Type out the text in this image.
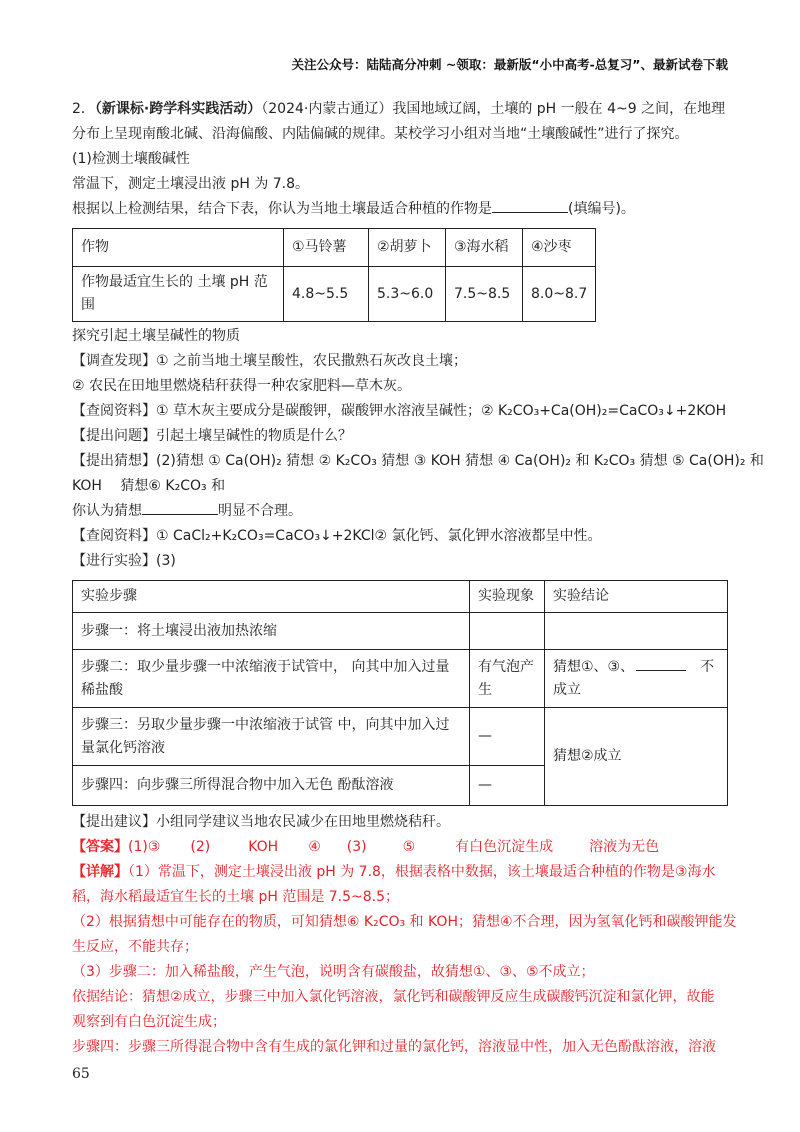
关注公众号：陆陆高分冲刺 ~领取：最新版“小中高考-总复习”、最新试卷下载
2．（新课标·跨学科实践活动）（2024·内蒙古通辽）我国地域辽阔，土壤的 pH 一般在 4~9 之间，在地理
分布上呈现南酸北碱、沿海偏酸、内陆偏碱的规律。某校学习小组对当地“土壤酸碱性”进行了探究。
(1)检测土壤酸碱性
常温下，测定土壤浸出液 pH 为 7.8。
根据以上检测结果，结合下表，你认为当地土壤最适合种植的作物是	(填编号)。
作物	①马铃薯	②胡萝卜	③海水稻	④沙枣
作物最适宜生长的 土壤 pH 范围	4.8~5.5	5.3~6.0	7.5~8.5	8.0~8.7
探究引起土壤呈碱性的物质
【调查发现】① 之前当地土壤呈酸性，农民撒熟石灰改良土壤；
② 农民在田地里燃烧秸秆获得一种农家肥料—草木灰。
【查阅资料】① 草木灰主要成分是碳酸钾，碳酸钾水溶液呈碱性；② K₂CO₃+Ca(OH)₂=CaCO₃↓+2KOH
【提出问题】引起土壤呈碱性的物质是什么？
【提出猜想】(2)猜想 ① Ca(OH)₂ 猜想 ② K₂CO₃ 猜想 ③ KOH 猜想 ④ Ca(OH)₂ 和 K₂CO₃ 猜想 ⑤ Ca(OH)₂ 和
KOH　 猜想⑥ K₂CO₃ 和
你认为猜想	明显不合理。
【查阅资料】① CaCl₂+K₂CO₃=CaCO₃↓+2KCl② 氯化钙、氯化钾水溶液都呈中性。
【进行实验】(3)
实验步骤	实验现象	实验结论
步骤一：将土壤浸出液加热浓缩		
步骤二：取少量步骤一中浓缩液于试管中， 向其中加入过量稀盐酸	有气泡产生	猜想①、③、 不成立
步骤三：另取少量步骤一中浓缩液于试管 中，向其中加入过量氯化钙溶液	—	猜想②成立
步骤四：向步骤三所得混合物中加入无色 酚酞溶液	—	
【提出建议】小组同学建议当地农民减少在田地里燃烧秸秆。
【答案】(1)③ (2)	KOH ④ (3)	⑤	有白色沉淀生成	溶液为无色
【详解】（1）常温下，测定土壤浸出液 pH 为 7.8，根据表格中数据，该土壤最适合种植的作物是③海水
稻，海水稻最适宜生长的土壤 pH 范围是 7.5~8.5；
（2）根据猜想中可能存在的物质，可知猜想⑥ K₂CO₃ 和 KOH；猜想④不合理，因为氢氧化钙和碳酸钾能发
生反应，不能共存；
（3）步骤二：加入稀盐酸，产生气泡，说明含有碳酸盐，故猜想①、③、⑤不成立；
依据结论：猜想②成立，步骤三中加入氯化钙溶液，氯化钙和碳酸钾反应生成碳酸钙沉淀和氯化钾，故能
观察到有白色沉淀生成；
步骤四：步骤三所得混合物中含有生成的氯化钾和过量的氯化钙，溶液显中性，加入无色酚酞溶液，溶液
65
